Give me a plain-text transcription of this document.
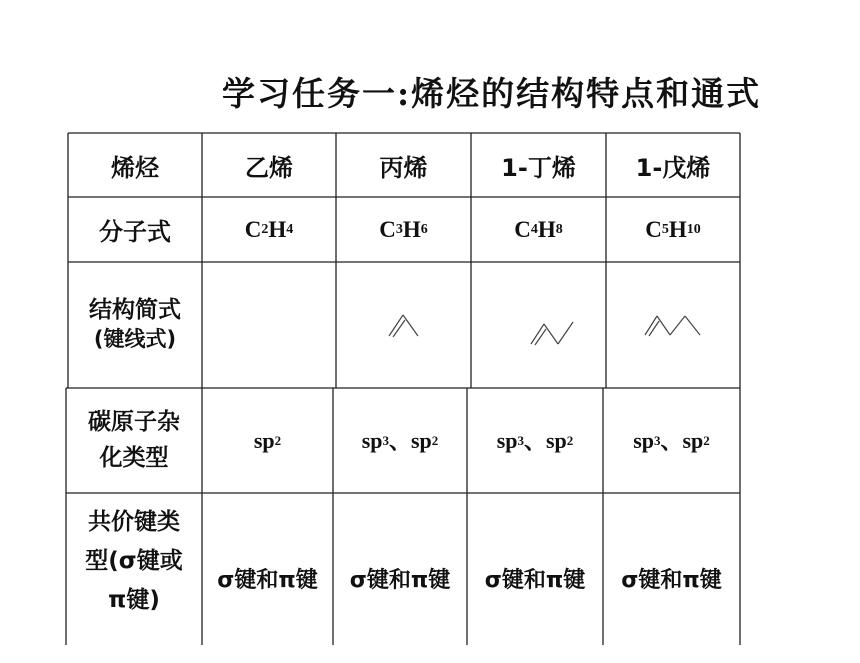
学习任务一:烯烃的结构特点和通式
烯烃	乙烯	丙烯	1-丁烯	1-戊烯
分子式	C 2 H 4	C 3 H 6	C 4 H 8	C 5 H 10
结构简式
(键线式)
碳原子杂
化类型
sp 2	sp 3 、 sp 2	sp 3 、 sp 2	sp 3 、 sp 2
共价键类
型(σ键或
π键)
σ键和π键	σ键和π键	σ键和π键	σ键和π键
